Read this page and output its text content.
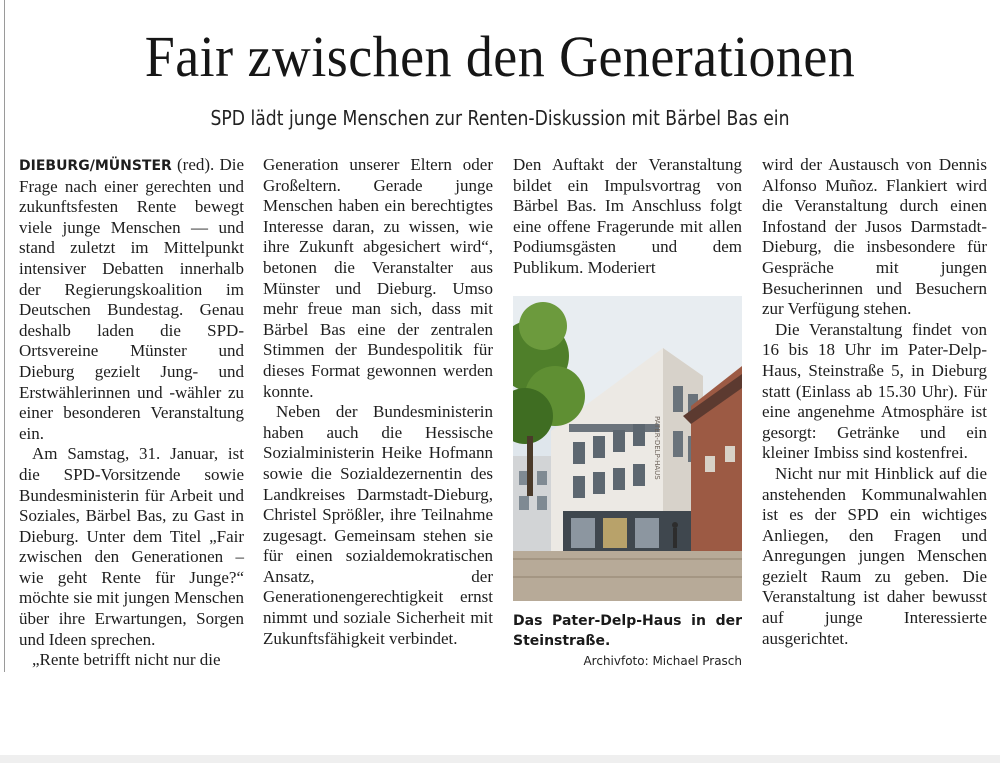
Fair zwischen den Generationen
SPD lädt junge Menschen zur Renten-Diskussion mit Bärbel Bas ein

DIEBURG/MÜNSTER (red). Die Frage nach einer gerechten und zukunftsfesten Rente bewegt viele junge Menschen — und stand zuletzt im Mittelpunkt intensiver Debatten innerhalb der Regierungskoalition im Deutschen Bundestag. Genau deshalb laden die SPD-Ortsvereine Münster und Dieburg gezielt Jung- und Erstwählerinnen und -wähler zu einer besonderen Veranstaltung ein.

Am Samstag, 31. Januar, ist die SPD-Vorsitzende sowie Bundesministerin für Arbeit und Soziales, Bärbel Bas, zu Gast in Dieburg. Unter dem Titel „Fair zwischen den Generationen – wie geht Rente für Junge?“ möchte sie mit jungen Menschen über ihre Erwartungen, Sorgen und Ideen sprechen.

„Rente betrifft nicht nur die

Generation unserer Eltern oder Großeltern. Gerade junge Menschen haben ein berechtigtes Interesse daran, zu wissen, wie ihre Zukunft abgesichert wird“, betonen die Veranstalter aus Münster und Dieburg. Umso mehr freue man sich, dass mit Bärbel Bas eine der zentralen Stimmen der Bundespolitik für dieses Format gewonnen werden konnte.

Neben der Bundesministerin haben auch die Hessische Sozialministerin Heike Hofmann sowie die Sozialdezernentin des Landkreises Darmstadt-Dieburg, Christel Sprößler, ihre Teilnahme zugesagt. Gemeinsam stehen sie für einen sozialdemokratischen Ansatz, der Generationengerechtigkeit ernst nimmt und soziale Sicherheit mit Zukunftsfähigkeit verbindet.

Den Auftakt der Veranstaltung bildet ein Impulsvortrag von Bärbel Bas. Im Anschluss folgt eine offene Fragerunde mit allen Podiumsgästen und dem Publikum. Moderiert

PATER-DELP-HAUS
Das Pater-Delp-Haus in der
Steinstraße.
Archivfoto: Michael Prasch

wird der Austausch von Dennis Alfonso Muñoz. Flankiert wird die Veranstaltung durch einen Infostand der Jusos Darmstadt-Dieburg, die insbesondere für Gespräche mit jungen Besucherinnen und Besuchern zur Verfügung stehen.

Die Veranstaltung findet von 16 bis 18 Uhr im Pater-Delp-Haus, Steinstraße 5, in Dieburg statt (Einlass ab 15.30 Uhr). Für eine angenehme Atmosphäre ist gesorgt: Getränke und ein kleiner Imbiss sind kostenfrei.

Nicht nur mit Hinblick auf die anstehenden Kommunalwahlen ist es der SPD ein wichtiges Anliegen, den Fragen und Anregungen jungen Menschen gezielt Raum zu geben. Die Veranstaltung ist daher bewusst auf junge Interessierte ausgerichtet.
